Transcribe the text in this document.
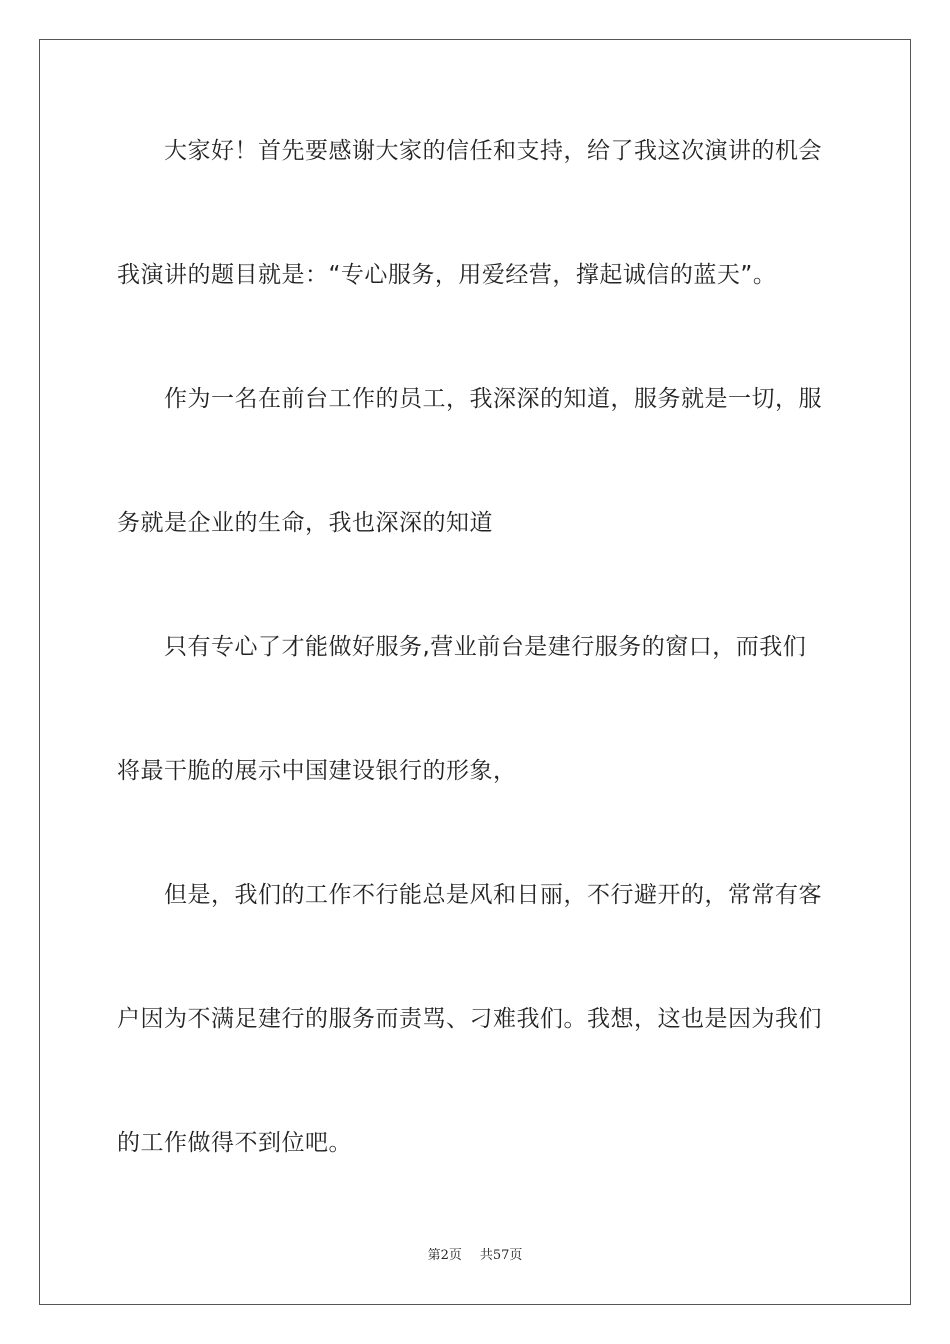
大家好！首先要感谢大家的信任和支持，给了我这次演讲的机会
我演讲的题目就是：“专心服务，用爱经营，撑起诚信的蓝天”。
作为一名在前台工作的员工，我深深的知道，服务就是一切，服
务就是企业的生命，我也深深的知道
只有专心了才能做好服务,营业前台是建行服务的窗口，而我们
将最干脆的展示中国建设银行的形象，
但是，我们的工作不行能总是风和日丽，不行避开的，常常有客
户因为不满足建行的服务而责骂、刁难我们。我想，这也是因为我们
的工作做得不到位吧。
第2页 共57页
